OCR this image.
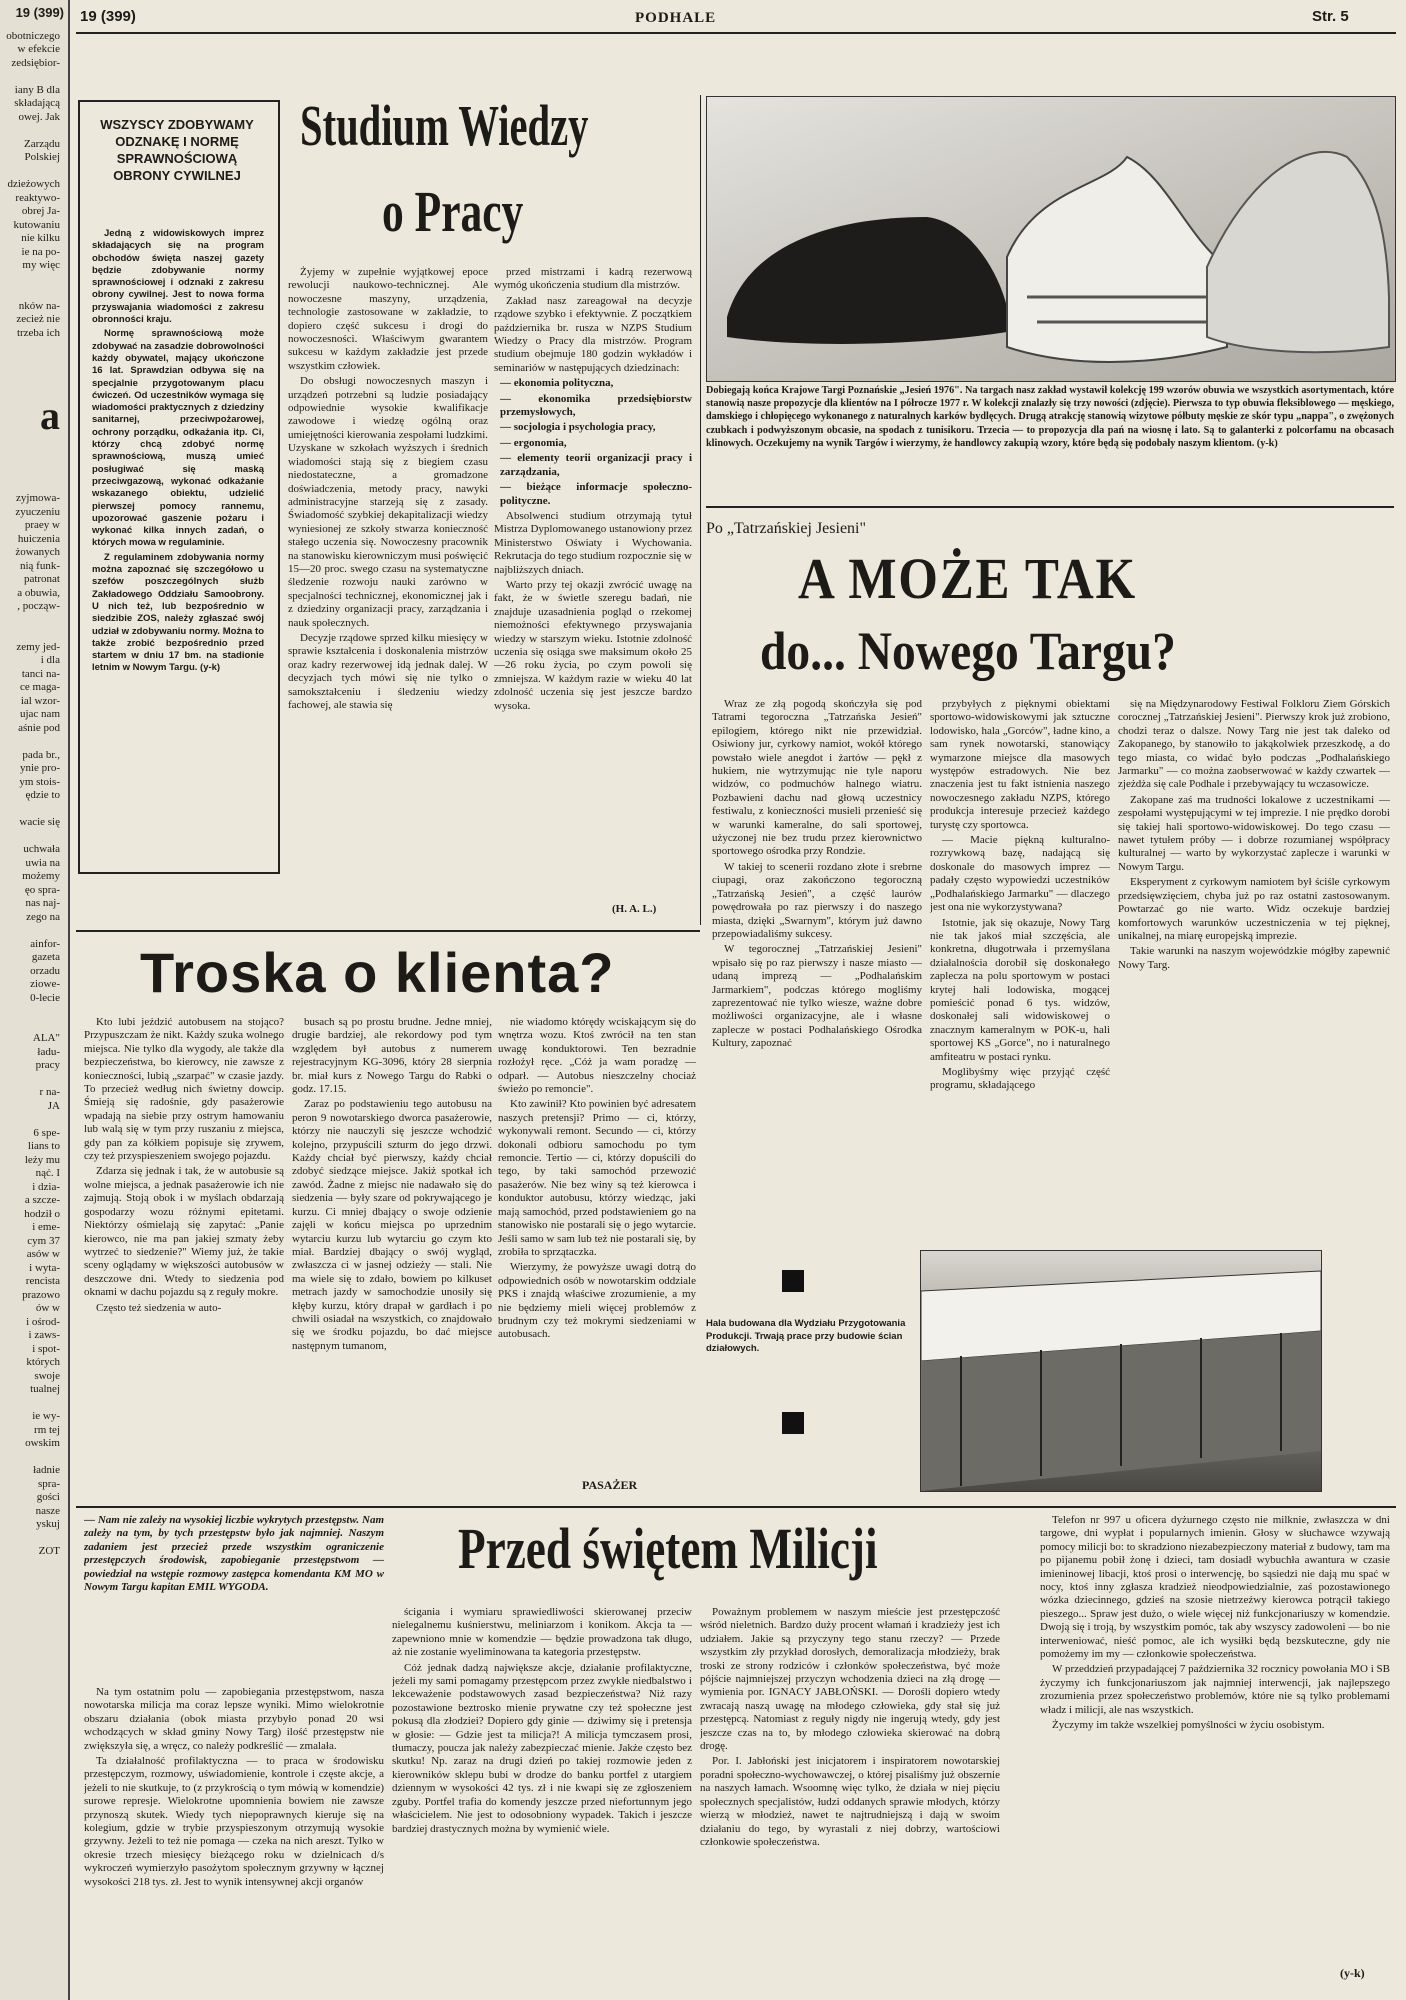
19 (399)
obotniczego
w efekcie
zedsiębior-

iany B dla
składającą
owej. Jak

Zarządu
Polskiej

dzieżowych
reaktywo-
obrej Ja-
kutowaniu
nie kilku
ie na po-
my więc

nków na-
zecież nie
trzeba ich

a

zyjmowa-
zyuczeniu
praey w
huiczenia
żowanych
nią funk-
patronat
a obuwia,
, począw-

zemy jed-
i dla
tanci na-
ce maga-
ial wzor-
ujac nam
aśnie pod

pada br.,
ynie pro-
ym stois-
ędzie to

wacie się

uchwała
uwia na
możemy
ęo spra-
nas naj-
zego na

ainfor-
gazeta
orzadu
ziowe-
0-lecie

ALA"
ładu-
pracy

r na-
JA

6 spe-
lians to
leży mu
nąć. I
i dzia-
a szcze-
hodził o
i eme-
cym 37
asów w
i wyta-
rencista
prazowo
ów w
i ośrod-
i zaws-
i spot-
których
swoje
tualnej

ie wy-
rm tej
owskim

ładnie
spra-
gości
nasze
yskuj

ZOT
19 (399)	PODHALE	Str. 5
WSZYSCY ZDOBYWAMY ODZNAKĘ I NORMĘ SPRAWNOŚCIOWĄ OBRONY CYWILNEJ

Jedną z widowiskowych imprez składających się na program obchodów święta naszej gazety będzie zdobywanie normy sprawnościowej i odznaki z zakresu obrony cywilnej. Jest to nowa forma przyswajania wiadomości z zakresu obronności kraju.

Normę sprawnościową może zdobywać na zasadzie dobrowolności każdy obywatel, mający ukończone 16 lat. Sprawdzian odbywa się na specjalnie przygotowanym placu ćwiczeń. Od uczestników wymaga się wiadomości praktycznych z dziedziny sanitarnej, przeciwpożarowej, ochrony porządku, odkażania itp. Ci, którzy chcą zdobyć normę sprawnościową, muszą umieć posługiwać się maską przeciwgazową, wykonać odkażanie wskazanego obiektu, udzielić pierwszej pomocy rannemu, upozorować gaszenie pożaru i wykonać kilka innych zadań, o których mowa w regulaminie.

Z regulaminem zdobywania normy można zapoznać się szczegółowo u szefów poszczególnych służb Zakładowego Oddziału Samoobrony. U nich też, lub bezpośrednio w siedzibie ZOS, należy zgłaszać swój udział w zdobywaniu normy. Można to także zrobić bezpośrednio przed startem w dniu 17 bm. na stadionie letnim w Nowym Targu. (y-k)

Studium Wiedzy
o Pracy

Żyjemy w zupełnie wyjątkowej epoce rewolucji naukowo-technicznej. Ale nowoczesne maszyny, urządzenia, technologie zastosowane w zakładzie, to dopiero część sukcesu i drogi do nowoczesności. Właściwym gwarantem sukcesu w każdym zakładzie jest przede wszystkim człowiek.

Do obsługi nowoczesnych maszyn i urządzeń potrzebni są ludzie posiadający odpowiednie wysokie kwalifikacje zawodowe i wiedzę ogólną oraz umiejętności kierowania zespołami ludzkimi. Uzyskane w szkołach wyższych i średnich wiadomości stają się z biegiem czasu niedostateczne, a gromadzone doświadczenia, metody pracy, nawyki administracyjne starzeją się z zasady. Świadomość szybkiej dekapitalizacji wiedzy wyniesionej ze szkoły stwarza konieczność stałego uczenia się. Nowoczesny pracownik na stanowisku kierowniczym musi poświęcić 15—20 proc. swego czasu na systematyczne śledzenie rozwoju nauki zarówno w specjalności technicznej, ekonomicznej jak i z dziedziny organizacji pracy, zarządzania i nauk społecznych.

Decyzje rządowe sprzed kilku miesięcy w sprawie kształcenia i doskonalenia mistrzów oraz kadry rezerwowej idą jednak dalej. W decyzjach tych mówi się nie tylko o samokształceniu i śledzeniu wiedzy fachowej, ale stawia się

przed mistrzami i kadrą rezerwową wymóg ukończenia studium dla mistrzów.

Zakład nasz zareagował na decyzje rządowe szybko i efektywnie. Z początkiem października br. rusza w NZPS Studium Wiedzy o Pracy dla mistrzów. Program studium obejmuje 180 godzin wykładów i seminariów w następujących dziedzinach:

— ekonomia polityczna,

— ekonomika przedsiębiorstw przemysłowych,

— socjologia i psychologia pracy,

— ergonomia,

— elementy teorii organizacji pracy i zarządzania,

— bieżące informacje społeczno-polityczne.

Absolwenci studium otrzymają tytuł Mistrza Dyplomowanego ustanowiony przez Ministerstwo Oświaty i Wychowania. Rekrutacja do tego studium rozpocznie się w najbliższych dniach.

Warto przy tej okazji zwrócić uwagę na fakt, że w świetle szeregu badań, nie znajduje uzasadnienia pogląd o rzekomej niemożności efektywnego przyswajania wiedzy w starszym wieku. Istotnie zdolność uczenia się osiąga swe maksimum około 25—26 roku życia, po czym powoli się zmniejsza. W każdym razie w wieku 40 lat zdolność uczenia się jest jeszcze bardzo wysoka.

(H. A. L.)
Dobiegają końca Krajowe Targi Poznańskie „Jesień 1976". Na targach nasz zakład wystawił kolekcję 199 wzorów obuwia we wszystkich asortymentach, które stanowią nasze propozycje dla klientów na I półrocze 1977 r. W kolekcji znalazły się trzy nowości (zdjęcie). Pierwsza to typ obuwia fleksiblowego — męskiego, damskiego i chłopięcego wykonanego z naturalnych karków bydlęcych. Drugą atrakcję stanowią wizytowe półbuty męskie ze skór typu „nappa", o zwężonych czubkach i podwyższonym obcasie, na spodach z tunisikoru. Trzecia — to propozycja dla pań na wiosnę i lato. Są to galanterki z polcorfamu na obcasach klinowych. Oczekujemy na wynik Targów i wierzymy, że handlowcy zakupią wzory, które będą się podobały naszym klientom. (y-k)
Po „Tatrzańskiej Jesieni"
A MOŻE TAK
do... Nowego Targu?

Wraz ze złą pogodą skończyła się pod Tatrami tegoroczna „Tatrzańska Jesień" epilogiem, którego nikt nie przewidział. Osiwiony jur, cyrkowy namiot, wokół którego powstało wiele anegdot i żartów — pękł z hukiem, nie wytrzymując nie tyle naporu widzów, co podmuchów halnego wiatru. Pozbawieni dachu nad głową uczestnicy festiwalu, z konieczności musieli przenieść się w warunki kameralne, do sali sportowej, użyczonej nie bez trudu przez kierownictwo sportowego ośrodka przy Rondzie.

W takiej to scenerii rozdano złote i srebrne ciupagi, oraz zakończono tegoroczną „Tatrzańską Jesień", a część laurów powędrowała po raz pierwszy i do naszego miasta, dzięki „Swarnym", którym już dawno przepowiadaliśmy sukcesy.

W tegorocznej „Tatrzańskiej Jesieni" wpisało się po raz pierwszy i nasze miasto — udaną imprezą — „Podhalańskim Jarmarkiem", podczas którego mogliśmy zaprezentować nie tylko wiesze, ważne dobre możliwości organizacyjne, ale i własne zaplecze w postaci Podhalańskiego Ośrodka Kultury, zapoznać

przybyłych z pięknymi obiektami sportowo-widowiskowymi jak sztuczne lodowisko, hala „Gorców", ładne kino, a sam rynek nowotarski, stanowiący wymarzone miejsce dla masowych występów estradowych. Nie bez znaczenia jest tu fakt istnienia naszego nowoczesnego zakładu NZPS, którego produkcja interesuje przecież każdego turystę czy sportowca.

— Macie piękną kulturalno-rozrywkową bazę, nadającą się doskonale do masowych imprez — padały często wypowiedzi uczestników „Podhalańskiego Jarmarku" — dlaczego jest ona nie wykorzystywana?

Istotnie, jak się okazuje, Nowy Targ nie tak jakoś miał szczęścia, ale konkretna, długotrwała i przemyślana działalnościa dorobił się doskonałego zaplecza na polu sportowym w postaci krytej hali lodowiska, mogącej pomieścić ponad 6 tys. widzów, doskonałej sali widowiskowej o znacznym kameralnym w POK-u, hali sportowej KS „Gorce", no i naturalnego amfiteatru w postaci rynku.

Moglibyśmy więc przyjąć część programu, składającego

się na Międzynarodowy Festiwal Folkloru Ziem Górskich corocznej „Tatrzańskiej Jesieni". Pierwszy krok już zrobiono, chodzi teraz o dalsze. Nowy Targ nie jest tak daleko od Zakopanego, by stanowiło to jakąkolwiek przeszkodę, a do tego miasta, co widać było podczas „Podhalańskiego Jarmarku" — co można zaobserwować w każdy czwartek — zjeżdża się cale Podhale i przebywający tu wczasowicze.

Zakopane zaś ma trudności lokalowe z uczestnikami — zespołami występującymi w tej imprezie. I nie prędko dorobi się takiej hali sportowo-widowiskowej. Do tego czasu — nawet tytułem próby — i dobrze rozumianej współpracy kulturalnej — warto by wykorzystać zaplecze i warunki w Nowym Targu.

Eksperyment z cyrkowym namiotem był ściśle cyrkowym przedsięwzięciem, chyba już po raz ostatni zastosowanym. Powtarzać go nie warto. Widz oczekuje bardziej komfortowych warunków uczestniczenia w tej pięknej, unikalnej, na miarę europejską imprezie.

Takie warunki na naszym wojewódzkie mógłby zapewnić Nowy Targ.

Troska o klienta?

Kto lubi jeździć autobusem na stojąco? Przypuszczam że nikt. Każdy szuka wolnego miejsca. Nie tylko dla wygody, ale także dla bezpieczeństwa, bo kierowcy, nie zawsze z konieczności, lubią „szarpać" w czasie jazdy. To przecież według nich świetny dowcip. Śmieją się radośnie, gdy pasażerowie wpadają na siebie przy ostrym hamowaniu lub walą się w tym przy ruszaniu z miejsca, gdy pan za kółkiem popisuje się zrywem, czy też przyspieszeniem swojego pojazdu.

Zdarza się jednak i tak, że w autobusie są wolne miejsca, a jednak pasażerowie ich nie zajmują. Stoją obok i w myślach obdarzają gospodarzy wozu różnymi epitetami. Niektórzy ośmielają się zapytać: „Panie kierowco, nie ma pan jakiej szmaty żeby wytrzeć to siedzenie?" Wiemy już, że takie sceny oglądamy w większości autobusów w deszczowe dni. Wtedy to siedzenia pod oknami w dachu pojazdu są z reguły mokre.

Często też siedzenia w auto-

busach są po prostu brudne. Jedne mniej, drugie bardziej, ale rekordowy pod tym względem był autobus z numerem rejestracyjnym KG-3096, który 28 sierpnia br. miał kurs z Nowego Targu do Rabki o godz. 17.15.

Zaraz po podstawieniu tego autobusu na peron 9 nowotarskiego dworca pasażerowie, którzy nie nauczyli się jeszcze wchodzić kolejno, przypuścili szturm do jego drzwi. Każdy chciał być pierwszy, każdy chciał zdobyć siedzące miejsce. Jakiż spotkał ich zawód. Żadne z miejsc nie nadawało się do siedzenia — były szare od pokrywającego je kurzu. Ci mniej dbający o swoje odzienie zajęli w końcu miejsca po uprzednim wytarciu kurzu lub wytarciu go czym kto miał. Bardziej dbający o swój wygląd, zwłaszcza ci w jasnej odzieży — stali. Nie ma wiele się to zdało, bowiem po kilkuset metrach jazdy w samochodzie unosiły się kłęby kurzu, który drapał w gardłach i po chwili osiadał na wszystkich, co znajdowało się we środku pojazdu, bo dać miejsce następnym tumanom,

nie wiadomo którędy wciskającym się do wnętrza wozu. Ktoś zwrócił na ten stan uwagę konduktorowi. Ten bezradnie rozłożył ręce. „Cóż ja wam poradzę — odparł. — Autobus nieszczelny chociaż świeżo po remoncie".

Kto zawinił? Kto powinien być adresatem naszych pretensji? Primo — ci, którzy, wykonywali remont. Secundo — ci, którzy dokonali odbioru samochodu po tym remoncie. Tertio — ci, którzy dopuścili do tego, by taki samochód przewozić pasażerów. Nie bez winy są też kierowca i konduktor autobusu, którzy wiedząc, jaki mają samochód, przed podstawieniem go na stanowisko nie postarali się o jego wytarcie. Jeśli samo w sam lub też nie postarali się, by zrobiła to sprzątaczka.

Wierzymy, że powyższe uwagi dotrą do odpowiednich osób w nowotarskim oddziale PKS i znajdą właściwe zrozumienie, a my nie będziemy mieli więcej problemów z brudnym czy też mokrymi siedzeniami w autobusach.

PASAŻER
Hala budowana dla Wydziału Przygotowania Produkcji. Trwają prace przy budowie ścian działowych.
— Nam nie zależy na wysokiej liczbie wykrytych przestępstw. Nam zależy na tym, by tych przestępstw było jak najmniej. Naszym zadaniem jest przecież przede wszystkim ograniczenie przestępczych środowisk, zapobieganie przestępstwom — powiedział na wstępie rozmowy zastępca komendanta KM MO w Nowym Targu kapitan EMIL WYGODA.
Przed świętem Milicji

Na tym ostatnim polu — zapobiegania przestępstwom, nasza nowotarska milicja ma coraz lepsze wyniki. Mimo wielokrotnie obszaru działania (obok miasta przybyło ponad 20 wsi wchodzących w skład gminy Nowy Targ) ilość przestępstw nie zwiększyła się, a wręcz, co należy podkreślić — zmalała.

Ta działalność profilaktyczna — to praca w środowisku przestępczym, rozmowy, uświadomienie, kontrole i częste akcje, a jeżeli to nie skutkuje, to (z przykrością o tym mówią w komendzie) surowe represje. Wielokrotne upomnienia bowiem nie zawsze przynoszą skutek. Wiedy tych niepoprawnych kieruje się na kolegium, gdzie w trybie przyspieszonym otrzymują wysokie grzywny. Jeżeli to też nie pomaga — czeka na nich areszt. Tylko w okresie trzech miesięcy bieżącego roku w dzielnicach d/s wykroczeń wymierzyło pasożytom społecznym grzywny w łącznej wysokości 218 tys. zł. Jest to wynik intensywnej akcji organów

ścigania i wymiaru sprawiedliwości skierowanej przeciw nielegalnemu kuśnierstwu, meliniarzom i konikom. Akcja ta — zapewniono mnie w komendzie — będzie prowadzona tak długo, aż nie zostanie wyeliminowana ta kategoria przestępstw.

Cóż jednak dadzą największe akcje, działanie profilaktyczne, jeżeli my sami pomagamy przestępcom przez zwykłe niedbalstwo i lekceważenie podstawowych zasad bezpieczeństwa? Niż razy pozostawione beztrosko mienie prywatne czy też społeczne jest pokusą dla złodziei? Dopiero gdy ginie — dziwimy się i pretensja w głosie: — Gdzie jest ta milicja?! A milicja tymczasem prosi, tłumaczy, pouczа jak należy zabezpieczać mienie. Jakże często bez skutku! Np. zaraz na drugi dzień po takiej rozmowie jeden z kierowników sklepu bubi w drodze do banku portfel z utargiem dziennym w wysokości 42 tys. zł i nie kwapi się ze zgłoszeniem zguby. Portfel trafia do komendy jeszcze przed niefortunnym jego właścicielem. Nie jest to odosobniony wypadek. Takich i jeszcze bardziej drastycznych można by wymienić wiele.

Poważnym problemem w naszym mieście jest przestępczość wśród nieletnich. Bardzo duży procent włamań i kradzieży jest ich udziałem. Jakie są przyczyny tego stanu rzeczy? — Przede wszystkim zły przykład dorosłych, demoralizacja młodzieży, brak troski ze strony rodziców i członków społeczeństwa, być może pójście najmniejszej przyczyn wchodzenia dzieci na złą drogę — wymienia por. IGNACY JABŁOŃSKI. — Doroślі dopiero wtedy zwracają naszą uwagę na młodego człowieka, gdy stał się już przestępcą. Natomiast z reguły nigdy nie ingerują wtedy, gdy jest jeszcze czas na to, by młodego człowieka skierować na dobrą drogę.

Por. I. Jabłoński jest inicjatorem i inspiratorem nowotarskiej poradni społeczno-wychowawczej, o której pisaliśmy już obszernie na naszych łamach. Wsoomnę więc tylko, że działa w niej pięciu społecznych specjalistów, łudzi oddanych sprawie młodych, którzy wierzą w młodzież, nawet te najtrudniejszą i dają w swoim działaniu do tego, by wyrastali z niej dobrzy, wartościowi członkowie społeczeństwa.

Telefon nr 997 u oficera dyżurnego często nie milknie, zwłaszcza w dni targowe, dni wypłat i popularnych imienin. Głosy w słuchawce wzywają pomocy milicji bo: to skradziono niezabezpieczony materiał z budowy, tam ma po pijanemu pobił żonę i dzieci, tam dosiadł wybuchła awantura w czasie imieninowej libacji, ktoś prosi o interwencję, bo sąsiedzi nie dają mu spać w nocy, ktoś inny zgłasza kradzież nieodpowiedzialnie, zaś pozostawionego wózka dziecinnego, gdzieś na szosie nietrzeźwy kierowca potrącił takiego pieszego... Spraw jest dużo, o wiele więcej niż funkcjonariuszy w komendzie. Dwoją się i troją, by wszystkim pomóc, tak aby wszyscy zadowoleni — bo nie interweniować, nieść pomoc, ale ich wysiłki będą bezskuteczne, gdy nie pomożemy im my — członkowie społeczeństwa.

W przeddzień przypadającej 7 października 32 rocznicy powołania MO i SB życzymy ich funkcjonariuszom jak najmniej interwencji, jak najlepszego zrozumienia przez społeczeństwo problemów, które nie są tylko problemami władz i milicji, ale nas wszystkich.

Życzymy im także wszelkiej pomyślności w życiu osobistym.

(y-k)
